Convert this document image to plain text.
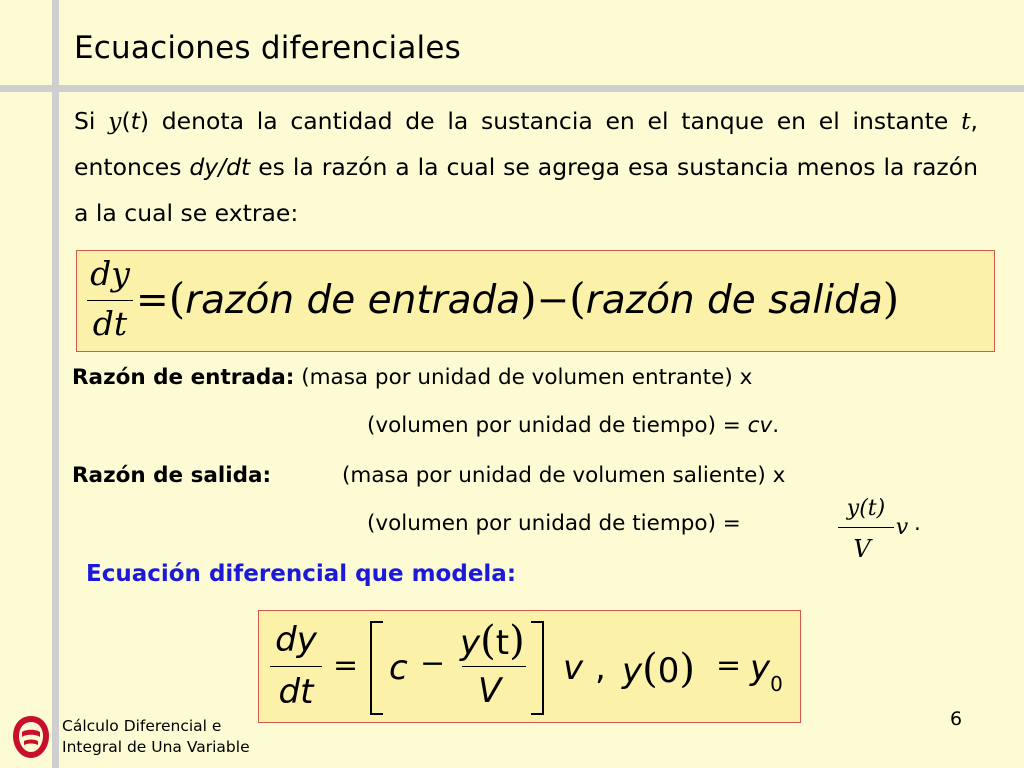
Ecuaciones diferenciales
Si y(t) denota la cantidad de la sustancia en el tanque en el instante t, entonces dy/dt es la razón a la cual se agrega esa sustancia menos la razón a la cual se extrae:
dy
dt
=(razón de entrada)−(razón de salida)
Razón de entrada: (masa por unidad de volumen entrante) x
(volumen por unidad de tiempo) = cv.
Razón de salida:	(masa por unidad de volumen saliente) x
(volumen por unidad de tiempo) =
y(t)
V
v .
Ecuación diferencial que modela:
dy
dt
= c −
y(t)
V
v , $y(0) = y_0$
6
Cálculo Diferencial e
Integral de Una Variable
